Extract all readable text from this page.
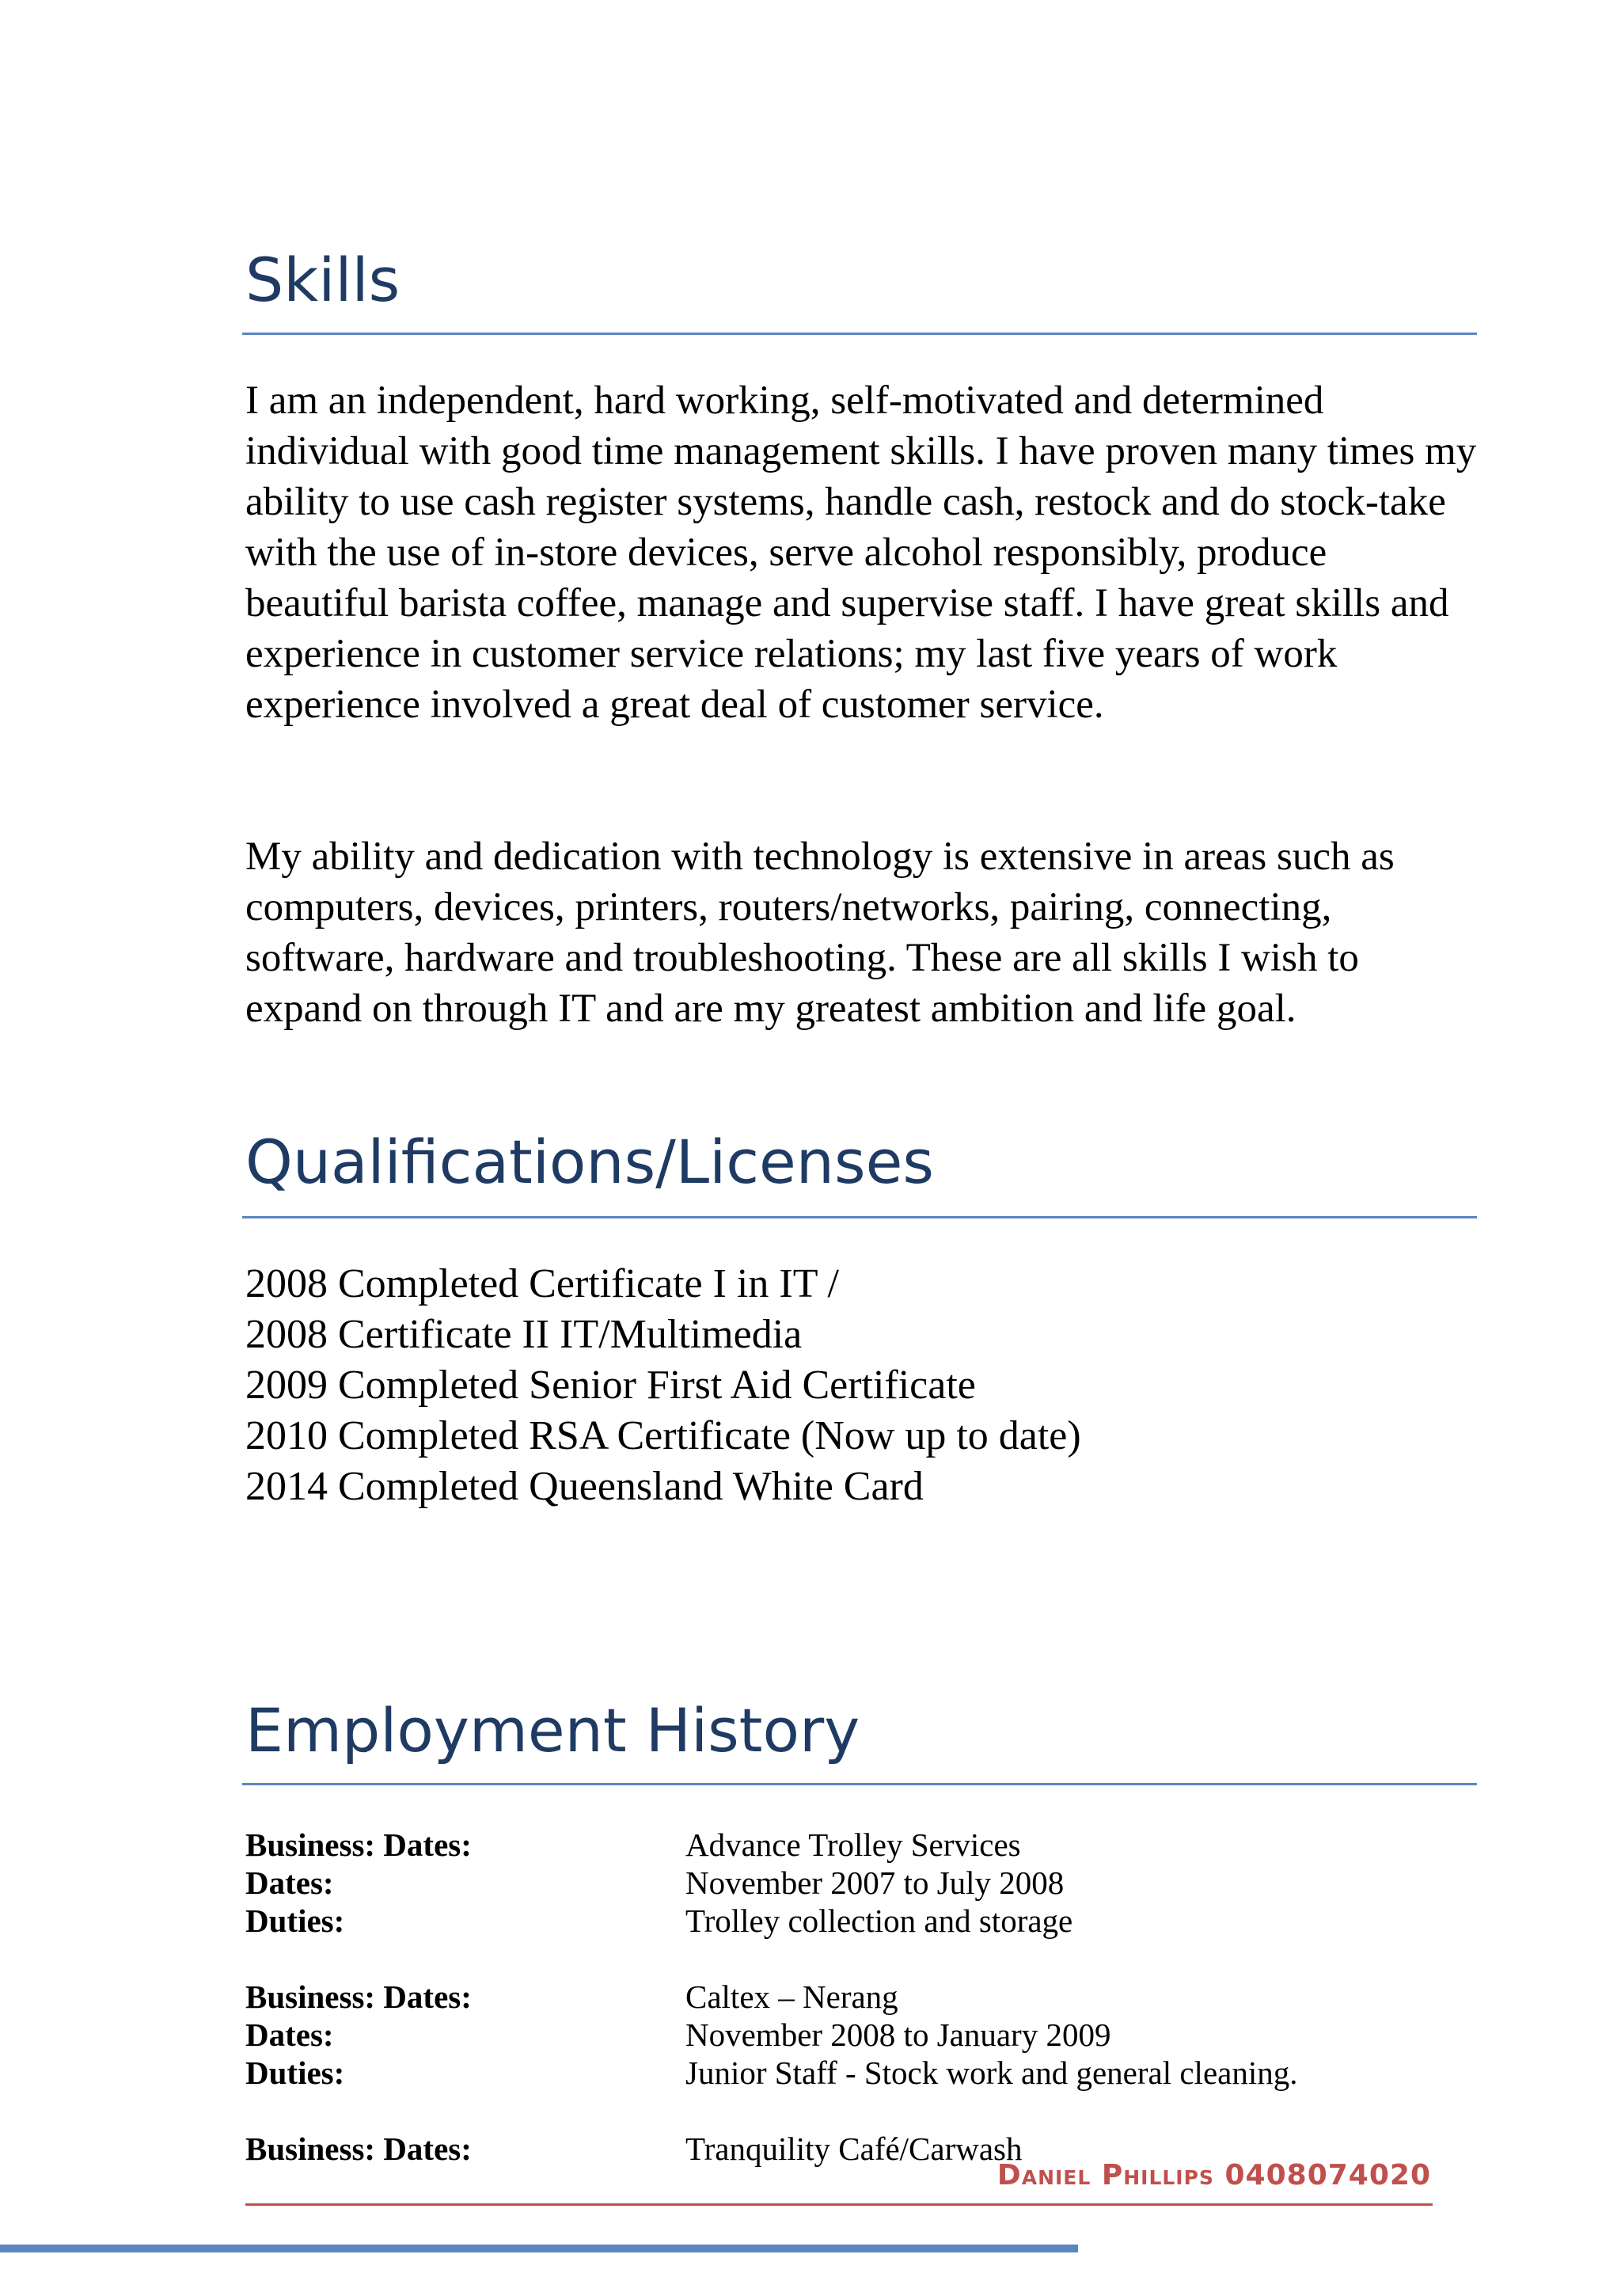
Skills

I am an independent, hard working, self-motivated and determined individual with good time management skills. I have proven many times my ability to use cash register systems, handle cash, restock and do stock-take with the use of in-store devices, serve alcohol responsibly, produce beautiful barista coffee, manage and supervise staff. I have great skills and experience in customer service relations; my last five years of work experience involved a great deal of customer service.

My ability and dedication with technology is extensive in areas such as computers, devices, printers, routers/networks, pairing, connecting, software, hardware and troubleshooting. These are all skills I wish to expand on through IT and are my greatest ambition and life goal.

Qualifications/Licenses
2008 Completed Certificate I in IT /
2008 Certificate II IT/Multimedia
2009 Completed Senior First Aid Certificate
2010 Completed RSA Certificate (Now up to date)
2014 Completed Queensland White Card
Employment History
Business: Dates:	Advance Trolley Services
Dates:	November 2007 to July 2008
Duties:	Trolley collection and storage
Business: Dates:	Caltex – Nerang
Dates:	November 2008 to January 2009
Duties:	Junior Staff - Stock work and general cleaning.
Business: Dates:	Tranquility Café/Carwash
Daniel Phillips 0408074020
